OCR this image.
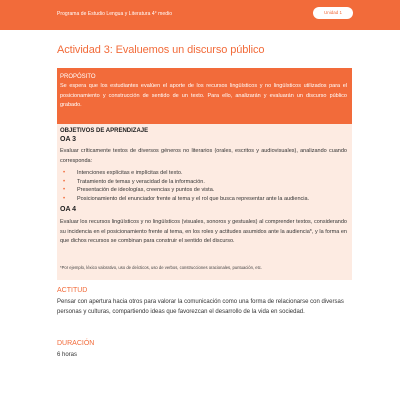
Programa de Estudio Lengua y Literatura 4° medio	Unidad 1
Actividad 3: Evaluemos un discurso público
PROPÓSITO
Se espera que los estudiantes evalúen el aporte de los recursos lingüísticos y no lingüísticos utilizados para el posicionamiento y construcción de sentido de un texto. Para ello, analizarán y evaluarán un discurso público grabado.
OBJETIVOS DE APRENDIZAJE
OA 3
Evaluar críticamente textos de diversos géneros no literarios (orales, escritos y audiovisuales), analizando cuando corresponda:
• Intenciones explícitas e implícitas del texto.
• Tratamiento de temas y veracidad de la información.
• Presentación de ideologías, creencias y puntos de vista.
• Posicionamiento del enunciador frente al tema y el rol que busca representar ante la audiencia.
OA 4
Evaluar los recursos lingüísticos y no lingüísticos (visuales, sonoros y gestuales) al comprender textos, considerando su incidencia en el posicionamiento frente al tema, en los roles y actitudes asumidos ante la audiencia*, y la forma en que dichos recursos se combinan para construir el sentido del discurso.
*Por ejemplo, léxico valorativo, uso de deícticos, uso de verbos, construcciones oracionales, puntuación, etc.
ACTITUD
Pensar con apertura hacia otros para valorar la comunicación como una forma de relacionarse con diversas personas y culturas, compartiendo ideas que favorezcan el desarrollo de la vida en sociedad.
DURACIÓN
6 horas
